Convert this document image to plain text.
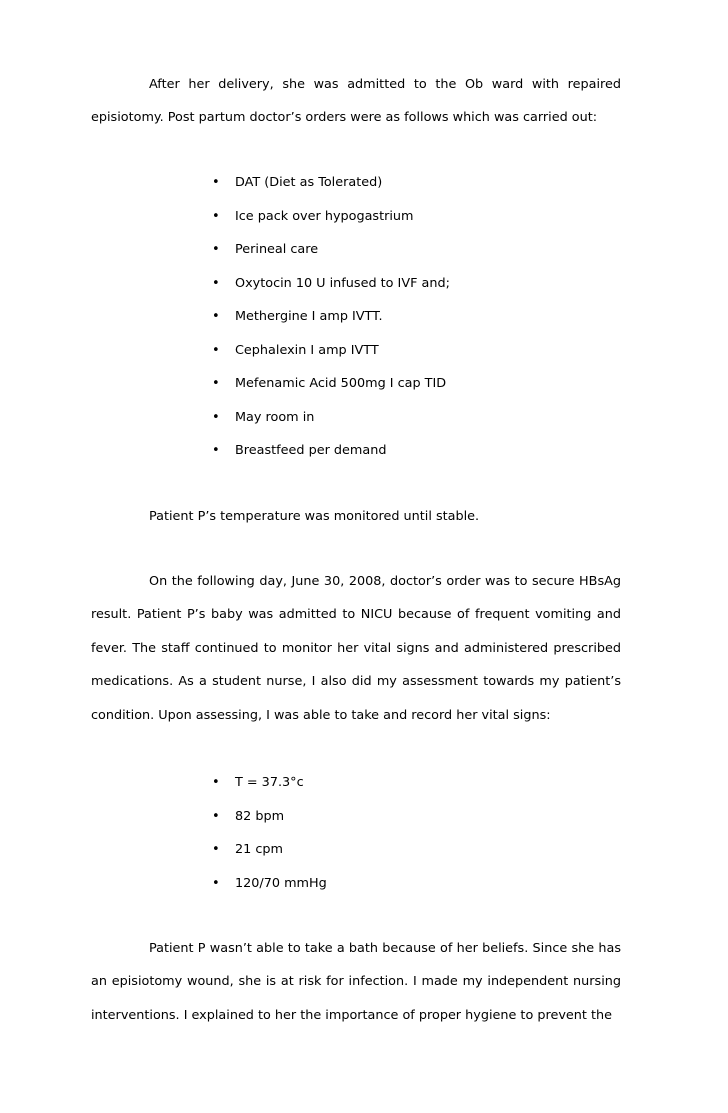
After her delivery, she was admitted to the Ob ward with repaired episiotomy. Post partum doctor’s orders were as follows which was carried out:

• DAT (Diet as Tolerated)
• Ice pack over hypogastrium
• Perineal care
• Oxytocin 10 U infused to IVF and;
• Methergine I amp IVTT.
• Cephalexin I amp IVTT
• Mefenamic Acid 500mg I cap TID
• May room in
• Breastfeed per demand

Patient P’s temperature was monitored until stable.

On the following day, June 30, 2008, doctor’s order was to secure HBsAg result. Patient P’s baby was admitted to NICU because of frequent vomiting and fever. The staff continued to monitor her vital signs and administered prescribed medications. As a student nurse, I also did my assessment towards my patient’s condition. Upon assessing, I was able to take and record her vital signs:

• T = 37.3°c
• 82 bpm
• 21 cpm
• 120/70 mmHg

Patient P wasn’t able to take a bath because of her beliefs. Since she has an episiotomy wound, she is at risk for infection. I made my independent nursing interventions. I explained to her the importance of proper hygiene to prevent the
